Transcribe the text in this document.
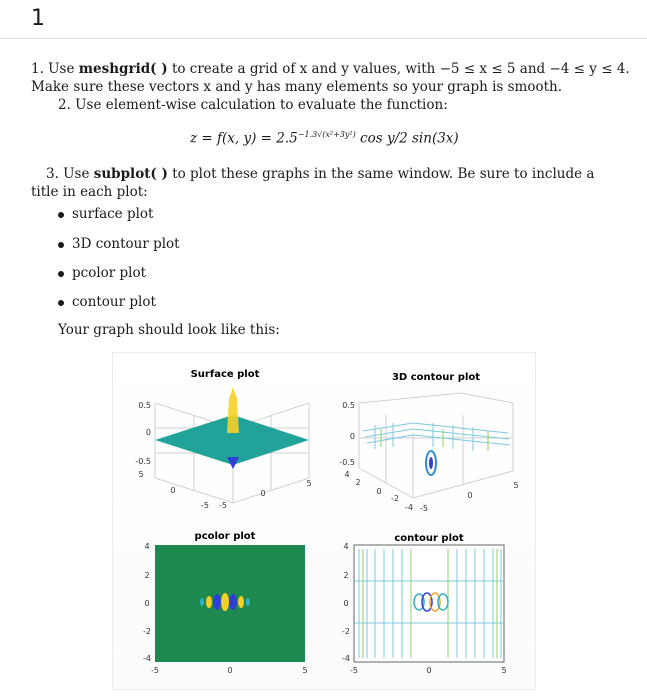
1
1. Use meshgrid( ) to create a grid of x and y values, with −5 ≤ x ≤ 5 and −4 ≤ y ≤ 4.
Make sure these vectors x and y has many elements so your graph is smooth.
2. Use element-wise calculation to evaluate the function:
z = f(x, $y) = 2.5^{-1.3√(x^2+3y^2)}$ cos y/2 sin(3x)
3. Use subplot( ) to plot these graphs in the same window. Be sure to include a
title in each plot:
surface plot
3D contour plot
pcolor plot
contour plot
Your graph should look like this:
Surface plot
0.5
0
-0.5
5
0
-5 -5
0
5
3D contour plot
0.5
0
-0.5
4
2
0
-2
-4 -5
0
5
pcolor plot
4
2
0
-2
-4
-5	0	5
contour plot
4
2
0
-2
-4
-5	0	5
